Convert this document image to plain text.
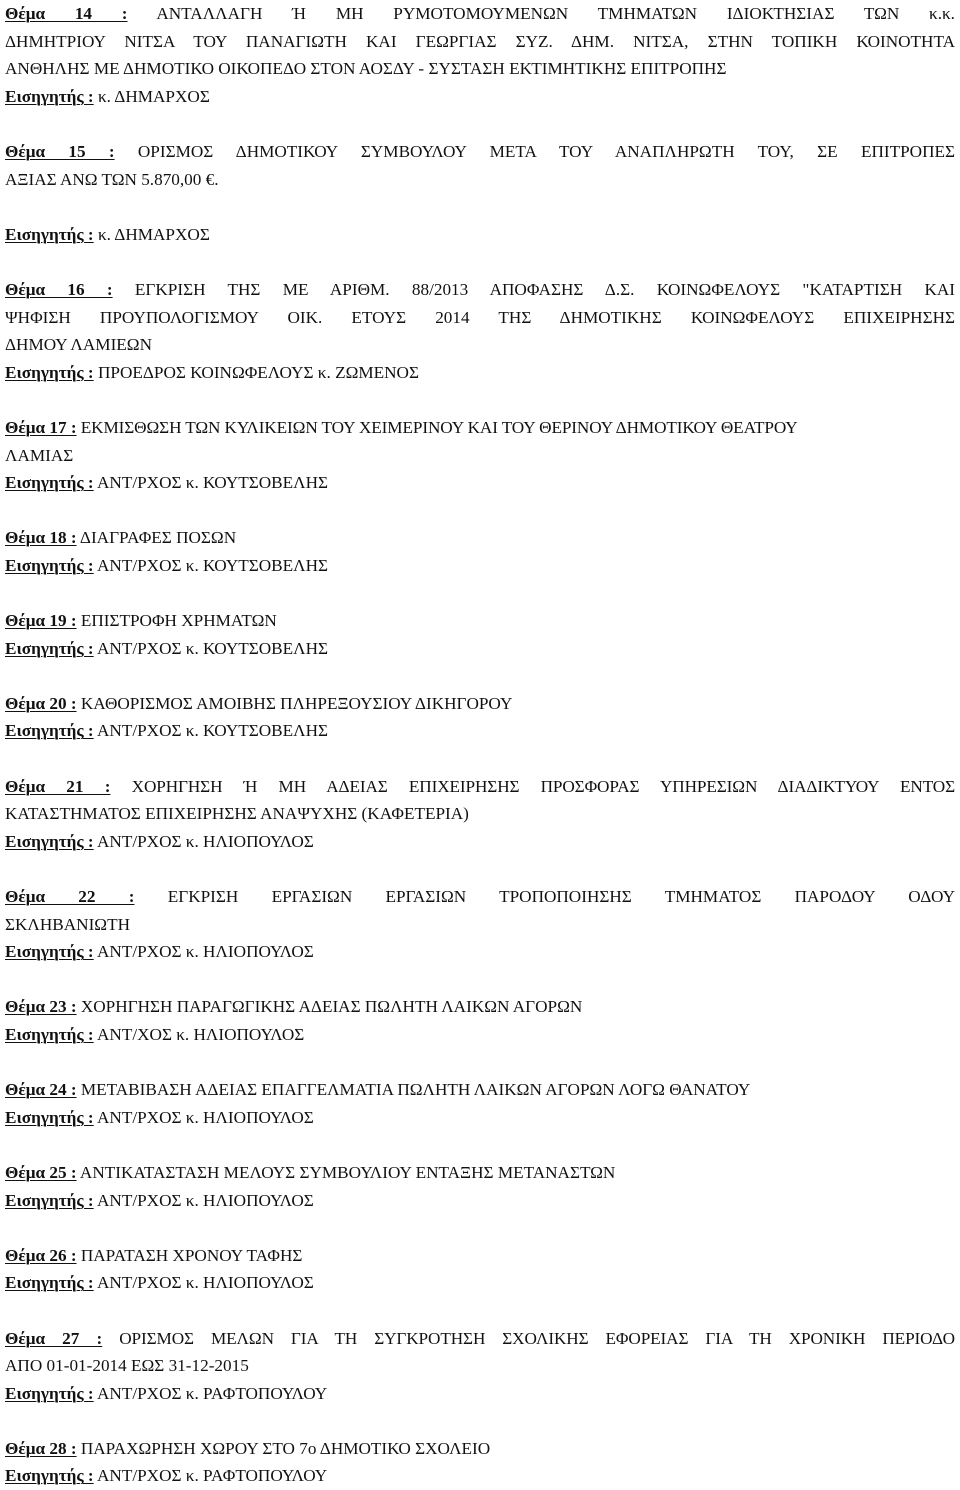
Θέμα 14 : ΑΝΤΑΛΛΑΓΗ Ή ΜΗ ΡΥΜΟΤΟΜΟΥΜΕΝΩΝ ΤΜΗΜΑΤΩΝ ΙΔΙΟΚΤΗΣΙΑΣ ΤΩΝ κ.κ.
ΔΗΜΗΤΡΙΟΥ ΝΙΤΣΑ ΤΟΥ ΠΑΝΑΓΙΩΤΗ ΚΑΙ ΓΕΩΡΓΙΑΣ ΣΥΖ. ΔΗΜ. ΝΙΤΣΑ, ΣΤΗΝ ΤΟΠΙΚΗ ΚΟΙΝΟΤΗΤΑ
ΑΝΘΗΛΗΣ ΜΕ ΔΗΜΟΤΙΚΟ ΟΙΚΟΠΕΔΟ ΣΤΟΝ ΑΟΣΔΥ - ΣΥΣΤΑΣΗ ΕΚΤΙΜΗΤΙΚΗΣ ΕΠΙΤΡΟΠΗΣ
Εισηγητής : κ. ΔΗΜΑΡΧΟΣ
Θέμα 15 : ΟΡΙΣΜΟΣ ΔΗΜΟΤΙΚΟΥ ΣΥΜΒΟΥΛΟΥ ΜΕΤΑ ΤΟΥ ΑΝΑΠΛΗΡΩΤΗ ΤΟΥ, ΣΕ ΕΠΙΤΡΟΠΕΣ
ΑΞΙΑΣ ΑΝΩ ΤΩΝ 5.870,00 €.
Εισηγητής : κ. ΔΗΜΑΡΧΟΣ
Θέμα 16 : ΕΓΚΡΙΣΗ ΤΗΣ ΜΕ ΑΡΙΘΜ. 88/2013 ΑΠΟΦΑΣΗΣ Δ.Σ. ΚΟΙΝΩΦΕΛΟΥΣ "ΚΑΤΑΡΤΙΣΗ ΚΑΙ
ΨΗΦΙΣΗ ΠΡΟΥΠΟΛΟΓΙΣΜΟΥ ΟΙΚ. ΕΤΟΥΣ 2014 ΤΗΣ ΔΗΜΟΤΙΚΗΣ ΚΟΙΝΩΦΕΛΟΥΣ ΕΠΙΧΕΙΡΗΣΗΣ
ΔΗΜΟΥ ΛΑΜΙΕΩΝ
Εισηγητής : ΠΡΟΕΔΡΟΣ ΚΟΙΝΩΦΕΛΟΥΣ κ. ΖΩΜΕΝΟΣ
Θέμα 17 : ΕΚΜΙΣΘΩΣΗ ΤΩΝ ΚΥΛΙΚΕΙΩΝ ΤΟΥ ΧΕΙΜΕΡΙΝΟΥ ΚΑΙ ΤΟΥ ΘΕΡΙΝΟΥ ΔΗΜΟΤΙΚΟΥ ΘΕΑΤΡΟΥ
ΛΑΜΙΑΣ
Εισηγητής : ΑΝΤ/ΡΧΟΣ κ. ΚΟΥΤΣΟΒΕΛΗΣ
Θέμα 18 : ΔΙΑΓΡΑΦΕΣ ΠΟΣΩΝ
Εισηγητής : ΑΝΤ/ΡΧΟΣ κ. ΚΟΥΤΣΟΒΕΛΗΣ
Θέμα 19 : ΕΠΙΣΤΡΟΦΗ ΧΡΗΜΑΤΩΝ
Εισηγητής : ΑΝΤ/ΡΧΟΣ κ. ΚΟΥΤΣΟΒΕΛΗΣ
Θέμα 20 : ΚΑΘΟΡΙΣΜΟΣ ΑΜΟΙΒΗΣ ΠΛΗΡΕΞΟΥΣΙΟΥ ΔΙΚΗΓΟΡΟΥ
Εισηγητής : ΑΝΤ/ΡΧΟΣ κ. ΚΟΥΤΣΟΒΕΛΗΣ
Θέμα 21 : ΧΟΡΗΓΗΣΗ Ή ΜΗ ΑΔΕΙΑΣ ΕΠΙΧΕΙΡΗΣΗΣ ΠΡΟΣΦΟΡΑΣ ΥΠΗΡΕΣΙΩΝ ΔΙΑΔΙΚΤΥΟΥ ΕΝΤΟΣ
ΚΑΤΑΣΤΗΜΑΤΟΣ ΕΠΙΧΕΙΡΗΣΗΣ ΑΝΑΨΥΧΗΣ (ΚΑΦΕΤΕΡΙΑ)
Εισηγητής : ΑΝΤ/ΡΧΟΣ κ. ΗΛΙΟΠΟΥΛΟΣ
Θέμα 22 : ΕΓΚΡΙΣΗ ΕΡΓΑΣΙΩΝ ΕΡΓΑΣΙΩΝ ΤΡΟΠΟΠΟΙΗΣΗΣ ΤΜΗΜΑΤΟΣ ΠΑΡΟΔΟΥ ΟΔΟΥ
ΣΚΛΗΒΑΝΙΩΤΗ
Εισηγητής : ΑΝΤ/ΡΧΟΣ κ. ΗΛΙΟΠΟΥΛΟΣ
Θέμα 23 : ΧΟΡΗΓΗΣΗ ΠΑΡΑΓΩΓΙΚΗΣ ΑΔΕΙΑΣ ΠΩΛΗΤΗ ΛΑΙΚΩΝ ΑΓΟΡΩΝ
Εισηγητής : ΑΝΤ/ΧΟΣ κ. ΗΛΙΟΠΟΥΛΟΣ
Θέμα 24 : ΜΕΤΑΒΙΒΑΣΗ ΑΔΕΙΑΣ ΕΠΑΓΓΕΛΜΑΤΙΑ ΠΩΛΗΤΗ ΛΑΙΚΩΝ ΑΓΟΡΩΝ ΛΟΓΩ ΘΑΝΑΤΟΥ
Εισηγητής : ΑΝΤ/ΡΧΟΣ κ. ΗΛΙΟΠΟΥΛΟΣ
Θέμα 25 : ΑΝΤΙΚΑΤΑΣΤΑΣΗ ΜΕΛΟΥΣ ΣΥΜΒΟΥΛΙΟΥ ΕΝΤΑΞΗΣ ΜΕΤΑΝΑΣΤΩΝ
Εισηγητής : ΑΝΤ/ΡΧΟΣ κ. ΗΛΙΟΠΟΥΛΟΣ
Θέμα 26 : ΠΑΡΑΤΑΣΗ ΧΡΟΝΟΥ ΤΑΦΗΣ
Εισηγητής : ΑΝΤ/ΡΧΟΣ κ. ΗΛΙΟΠΟΥΛΟΣ
Θέμα 27 : ΟΡΙΣΜΟΣ ΜΕΛΩΝ ΓΙΑ ΤΗ ΣΥΓΚΡΟΤΗΣΗ ΣΧΟΛΙΚΗΣ ΕΦΟΡΕΙΑΣ ΓΙΑ ΤΗ ΧΡΟΝΙΚΗ ΠΕΡΙΟΔΟ
ΑΠΟ 01-01-2014 ΕΩΣ 31-12-2015
Εισηγητής : ΑΝΤ/ΡΧΟΣ κ. ΡΑΦΤΟΠΟΥΛΟΥ
Θέμα 28 : ΠΑΡΑΧΩΡΗΣΗ ΧΩΡΟΥ ΣΤΟ 7ο ΔΗΜΟΤΙΚΟ ΣΧΟΛΕΙΟ
Εισηγητής : ΑΝΤ/ΡΧΟΣ κ. ΡΑΦΤΟΠΟΥΛΟΥ
